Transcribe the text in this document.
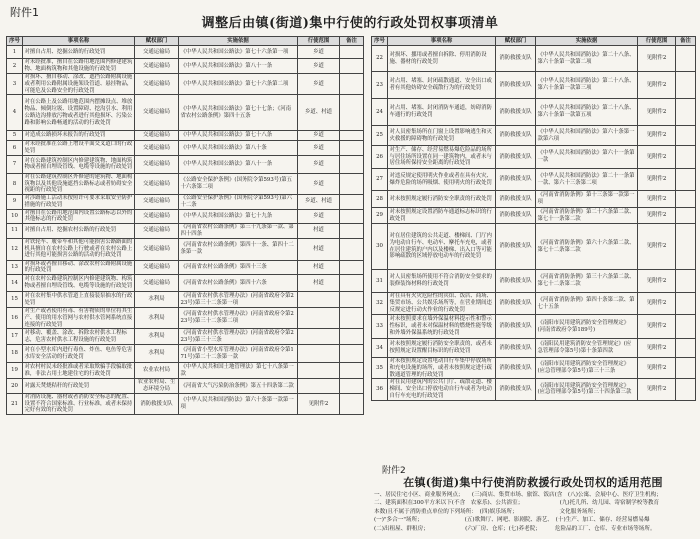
附件1
调整后由镇(街道)集中行使的行政处罚权事项清单
序号	事项名称	赋权部门	实施依据	行使范围	备注
1	对擅自占用、挖掘公路的行政处罚	交通运输局	《中华人民共和国公路法》第七十六条第一项	乡道	
2	对未经批准，擅自在公路用地范围内修建建筑物、地面构筑物和其他设施的行政处罚	交通运输局	《中华人民共和国公路法》第八十一条	乡道	
3	对损坏、擅自移动、涂改、遮挡公路附属设施或者利用公路附属设施架设管道、悬挂物品，可能危及公路安全的行政处罚	交通运输局	《中华人民共和国公路法》第七十六条第二项	乡道	
4	对在公路上及公路用地范围内摆摊设点、堆放物品、倾倒垃圾、设置障碍、挖沟引水、利用公路边沟排放污物或者进行其他损坏、污染公路和影响公路畅通的活动的行政处罚	交通运输局	《中华人民共和国公路法》第七十七条；《河南省农村公路条例》第四十五条	乡道、村道	
5	对造成公路损坏未报告的行政处罚	交通运输局	《中华人民共和国公路法》第七十八条	乡道	
6	对未经批准在公路上增设平面交叉道口的行政处罚	交通运输局	《中华人民共和国公路法》第八十条	乡道	
7	对在公路建筑控制区内修建建筑物、地面构筑物或者擅自埋设管线、电缆等设施的行政处罚	交通运输局	《中华人民共和国公路法》第八十一条	乡道	
8	对在公路建筑控制区外修建的建筑物、地面构筑物以及其他设施遮挡公路标志或者妨碍安全视距的行政处罚	交通运输局	《公路安全保护条例》(国务院令第593号)第五十六条第二项	乡道	
9	对涉路施工活动未按照许可要求采取安全防护措施的行政处罚	交通运输局	《公路安全保护条例》(国务院令第593号)第六十二条	乡道、村道	
10	对擅自在公路用地范围内设置公路标志以外的其他标志的行政处罚	交通运输局	《中华人民共和国公路法》第七十九条	乡道	
11	对擅自占用、挖掘农村公路的行政处罚	交通运输局	《河南省农村公路条例》第三十九条第一款、第四十四条	村道	
12	对铁轮车、履带车和其他可能损害公路路面的机具擅自在农村公路上行驶或者在农村公路上进行其他可能损害公路的活动的行政处罚	交通运输局	《河南省农村公路条例》第四十一条、第四十二条第一款	村道	
13	对损坏或者擅自移动、涂改农村公路附属设施的行政处罚	交通运输局	《河南省农村公路条例》第四十三条	村道	
14	对在农村公路建筑控制区内修建建筑物、构筑物或者擅自埋设管线、电缆等设施的行政处罚	交通运输局	《河南省农村公路条例》第四十六条	村道	
15	对在农村集中供水管道上直接装泵抽水的行政处罚	水利局	《河南省农村供水管理办法》(河南省政府令第223号)第三十二条第一项		
16	对生产或者使用有毒、有害物质的单位将其生产、使用的用水管网与农村供水管网系统直接连接的行政处罚	水利局	《河南省农村供水管理办法》(河南省政府令第223号)第三十二条第二项		
17	对移动、覆盖、涂改、拆除农村供水工程标志，危害农村供水工程设施的行政处罚	水利局	《河南省农村供水管理办法》(河南省政府令第223号)第三十三条		
18	对在小型水库内进行毒鱼、炸鱼、电鱼等危害水库安全活动的行政处罚	水利局	《河南省小型水库管理办法》(河南省政府令第171号)第二十二条第一款		
19	对农村村民未经批准或者采取欺骗手段骗取批准，非法占用土地建住宅的行政处罚	农业农村局	《中华人民共和国土地管理法》第七十八条第一款		
20	对露天焚烧秸秆的行政处罚	农业农村局、生态环境分局	《河南省大气污染防治条例》第五十四条第二款		
21	对消防设施、器材或者消防安全标志的配置、设置不符合国家标准、行业标准，或者未保持完好有效的行政处罚	消防救援支队	《中华人民共和国消防法》第六十条第一款第一项	见附件2	
序号	事项名称	赋权部门	实施依据	行使范围	备注
22	对损坏、挪用或者擅自拆除、停用消防设施、器材的行政处罚	消防救援支队	《中华人民共和国消防法》第二十八条、第六十条第一款第二项	见附件2	
23	对占用、堵塞、封闭疏散通道、安全出口或者有其他妨碍安全疏散行为的行政处罚	消防救援支队	《中华人民共和国消防法》第二十八条、第六十条第一款第三项	见附件2	
24	对占用、堵塞、封闭消防车通道，妨碍消防车通行的行政处罚	消防救援支队	《中华人民共和国消防法》第二十八条、第六十条第一款第五项	见附件2	
25	对人员密集场所在门窗上设置影响逃生和灭火救援的障碍物的行政处罚	消防救援支队	《中华人民共和国消防法》第六十条第一款第六项	见附件2	
26	对生产、储存、经营易燃易爆危险品的场所与居住场所设置在同一建筑物内，或者未与居住场所保持安全距离的行政处罚	消防救援支队	《中华人民共和国消防法》第六十一条第一款	见附件2	
27	对违反规定使用明火作业或者在具有火灾、爆炸危险的场所吸烟、使用明火的行政处罚	消防救援支队	《中华人民共和国消防法》第二十一条第一款、第六十三条第二项	见附件2	
28	对未按照规定履行消防安全职责的行政处罚	消防救援支队	《河南省消防条例》第十三条第一款第一项	见附件2	
29	对未按照规定设置消防车通道标志标识的行政处罚	消防救援支队	《河南省消防条例》第二十六条第二款、第七十一条第二款	见附件2	
30	对在居住建筑的公共走道、楼梯间、门厅内为电动自行车、电动车、摩托车充电，或者在居住建筑的户内以及楼梯、出入口等可能影响疏散的区域停放电动车的行政处罚	消防救援支队	《河南省消防条例》第六十六条第二款、第七十二条第二款	见附件2	
31	对人员密集场所使用不符合消防安全要求的装修装饰材料的行政处罚	消防救援支队	《河南省消防条例》第三十六条第二款、第七十二条第二款	见附件2	
32	对在具有火灾危险性的宾馆、饭店、商场、集贸市场、公共娱乐场所等，在营业期间违反规定进行动火作业的行政处罚	消防救援支队	《河南省消防条例》第四十条第二款、第七十五条	见附件2	
33	对未按照要求在墙外保温材料提示性和警示性标识，或者未对保温材料的燃烧性能等级和外墙外保温系统的行政处罚	消防救援支队	《南阳市民用建筑消防安全管理规定》(河南省政府令第189号)	见附件2	
34	对未按照规定履行消防安全职责的，或者未按照规定设置醒目标识的行政处罚	消防救援支队	《南阳民用建筑消防安全管理规定》(应急管理部令第5号)第十条第四款	见附件2	
35	对未按照规定设置电动自行车集中停放场所和充电设施的场所，或者未按照规定进行疏散通道管理的行政处罚	消防救援支队	《南阳市民用建筑消防安全管理规定》(应急管理部令第5号)第三十三条	见附件2	
36	对在民用建筑内的公共门厅、疏散走道、楼梯间、安全出口停放电动自行车或者为电动自行车充电的行政处罚	消防救援支队	《南阳市民用建筑消防安全管理规定》(应急管理部令第5号)第三十四条第三款	见附件2	
附件2
在镇(街道)集中行使消防救援行政处罚权的适用范围

一、居民住宅小区、商业服务网点；　　(三)商店、集贸市场、旅馆、饭店(含　(八)公寓、会展中心、医疗卫生机构；

二、建筑面积在300平方米以下(不含　农家乐)、公共浴室；　　　　　　　(九)托儿所、幼儿园、寄宿制学校等教育

本数)且不属于消防重点单位的下列场所：　(四)娱乐场所；　　　　　　　　文化服务场所；

(一)"多合一"场所；　　　　　　　　(五)歌舞厅、网吧、影剧院、游艺、　(十)生产、加工、储存、经营易燃易爆

(二)出租屋、群租房；　　　　　　　(六)厂房、仓库；(七)养老院；　　　危险品的工厂、仓库、专业市场等场所。
